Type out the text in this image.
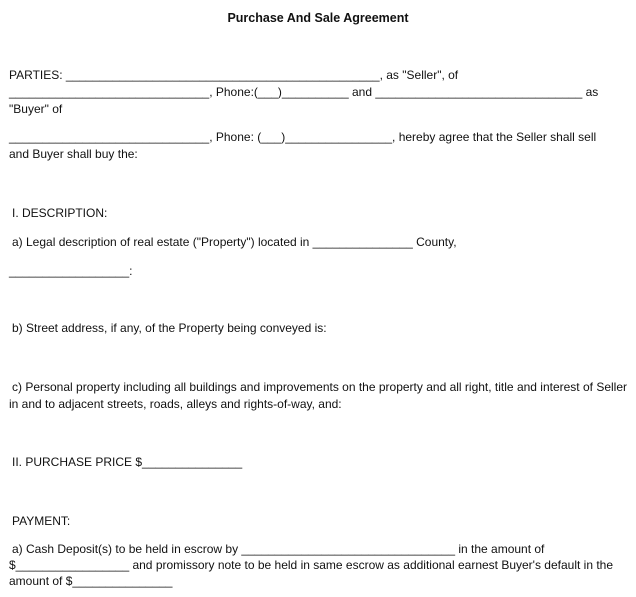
Purchase And Sale Agreement
PARTIES: _______________________________________________, as "Seller", of
______________________________, Phone:(___)__________ and _______________________________ as
"Buyer" of
______________________________, Phone: (___)________________, hereby agree that the Seller shall sell
and Buyer shall buy the:
I. DESCRIPTION:
a) Legal description of real estate ("Property") located in _______________ County,
__________________:
b) Street address, if any, of the Property being conveyed is:
c) Personal property including all buildings and improvements on the property and all right, title and interest of Seller
in and to adjacent streets, roads, alleys and rights-of-way, and:
II. PURCHASE PRICE $_______________
PAYMENT:
a) Cash Deposit(s) to be held in escrow by ________________________________ in the amount of
$_________________ and promissory note to be held in same escrow as additional earnest Buyer's default in the
amount of $_______________
